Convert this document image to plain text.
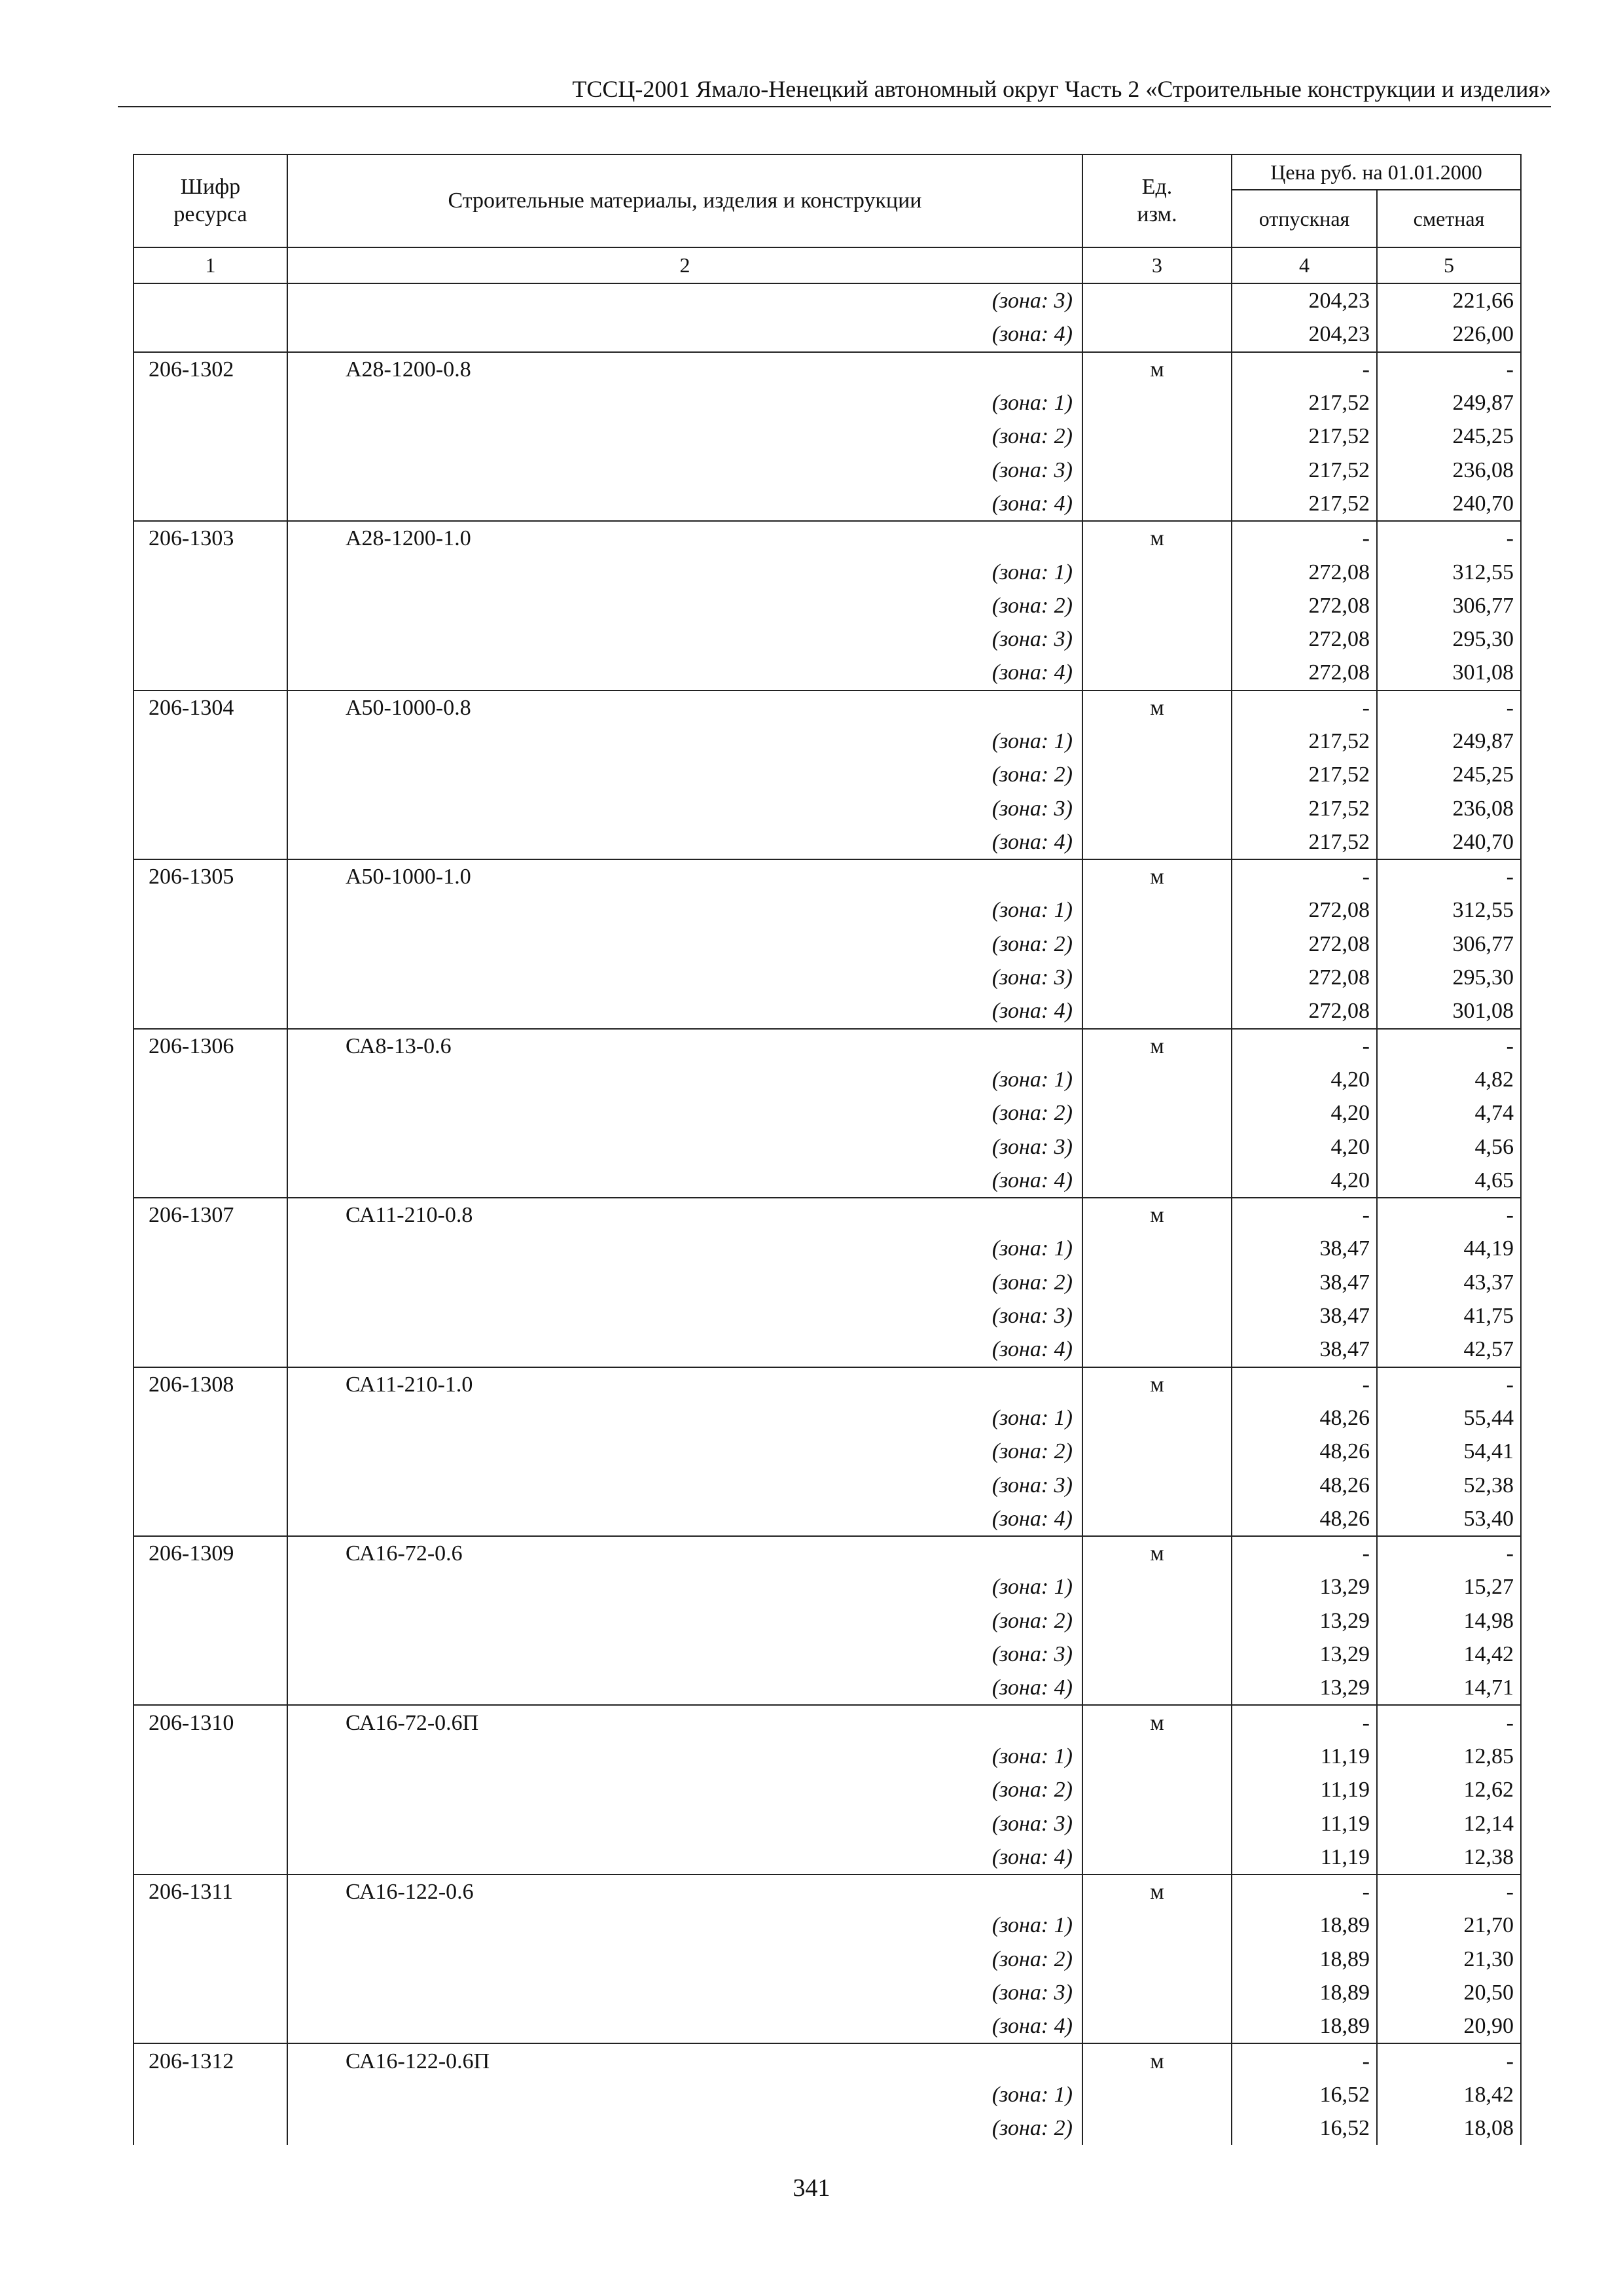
ТССЦ-2001 Ямало-Ненецкий автономный округ Часть 2 «Строительные конструкции и изделия»
Шифр ресурса	Строительные материалы, изделия и конструкции	Ед. изм.	Цена руб. на 01.01.2000	
			отпускная	сметная
1	2	3	4	5
	(зона: 3)		204,23	221,66
	(зона: 4)		204,23	226,00
206-1302	А28-1200-0.8	м	-	-
	(зона: 1)		217,52	249,87
	(зона: 2)		217,52	245,25
	(зона: 3)		217,52	236,08
	(зона: 4)		217,52	240,70
206-1303	А28-1200-1.0	м	-	-
	(зона: 1)		272,08	312,55
	(зона: 2)		272,08	306,77
	(зона: 3)		272,08	295,30
	(зона: 4)		272,08	301,08
206-1304	А50-1000-0.8	м	-	-
	(зона: 1)		217,52	249,87
	(зона: 2)		217,52	245,25
	(зона: 3)		217,52	236,08
	(зона: 4)		217,52	240,70
206-1305	А50-1000-1.0	м	-	-
	(зона: 1)		272,08	312,55
	(зона: 2)		272,08	306,77
	(зона: 3)		272,08	295,30
	(зона: 4)		272,08	301,08
206-1306	СА8-13-0.6	м	-	-
	(зона: 1)		4,20	4,82
	(зона: 2)		4,20	4,74
	(зона: 3)		4,20	4,56
	(зона: 4)		4,20	4,65
206-1307	СА11-210-0.8	м	-	-
	(зона: 1)		38,47	44,19
	(зона: 2)		38,47	43,37
	(зона: 3)		38,47	41,75
	(зона: 4)		38,47	42,57
206-1308	СА11-210-1.0	м	-	-
	(зона: 1)		48,26	55,44
	(зона: 2)		48,26	54,41
	(зона: 3)		48,26	52,38
	(зона: 4)		48,26	53,40
206-1309	СА16-72-0.6	м	-	-
	(зона: 1)		13,29	15,27
	(зона: 2)		13,29	14,98
	(зона: 3)		13,29	14,42
	(зона: 4)		13,29	14,71
206-1310	СА16-72-0.6П	м	-	-
	(зона: 1)		11,19	12,85
	(зона: 2)		11,19	12,62
	(зона: 3)		11,19	12,14
	(зона: 4)		11,19	12,38
206-1311	СА16-122-0.6	м	-	-
	(зона: 1)		18,89	21,70
	(зона: 2)		18,89	21,30
	(зона: 3)		18,89	20,50
	(зона: 4)		18,89	20,90
206-1312	СА16-122-0.6П	м	-	-
	(зона: 1)		16,52	18,42
	(зона: 2)		16,52	18,08
341
